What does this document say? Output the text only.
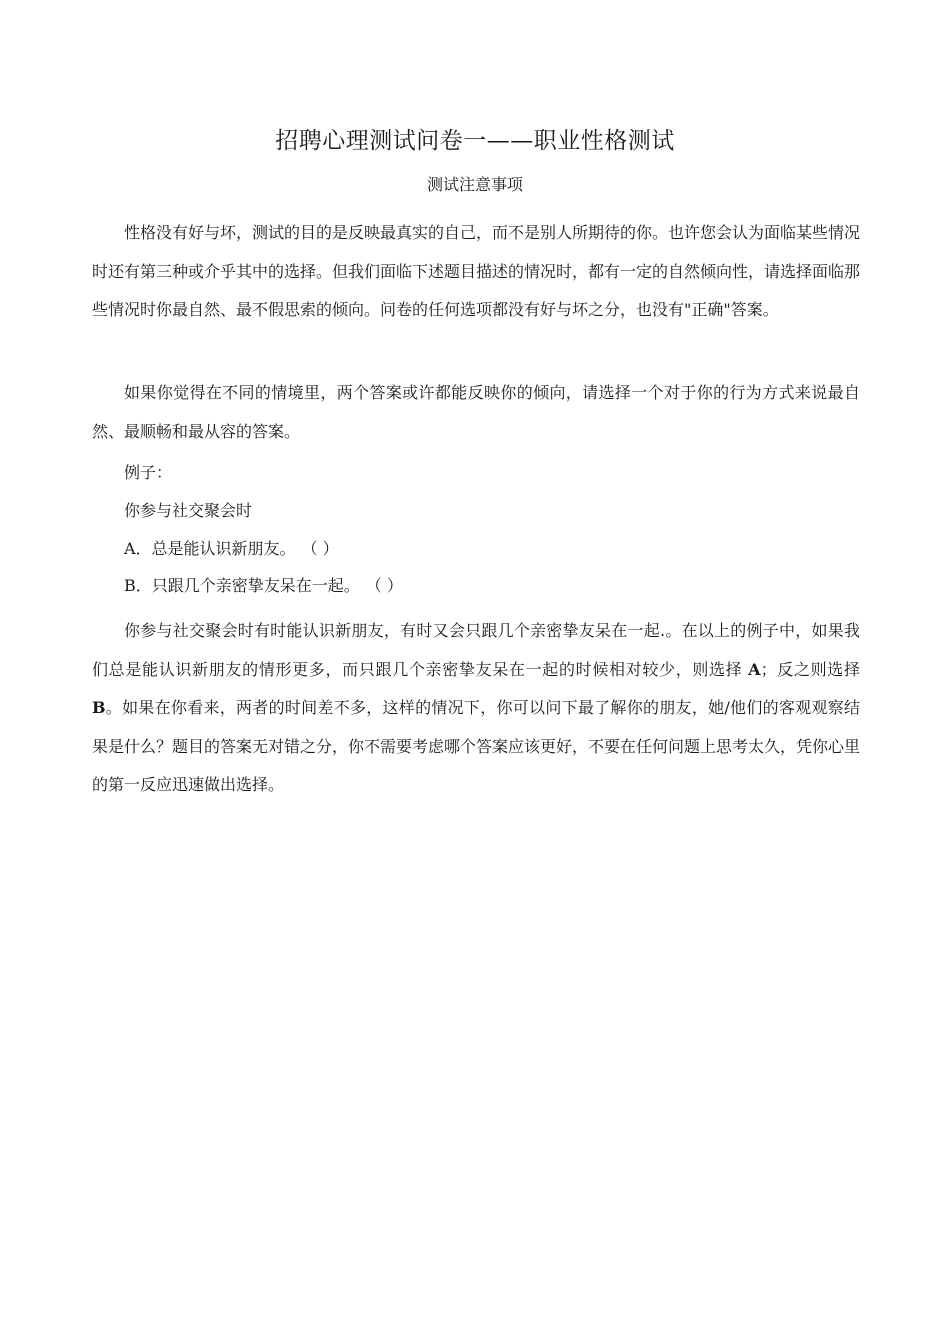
招聘心理测试问卷一——职业性格测试
测试注意事项

性格没有好与坏，测试的目的是反映最真实的自己，而不是别人所期待的你。也许您会认为面临某些情况时还有第三种或介乎其中的选择。但我们面临下述题目描述的情况时，都有一定的自然倾向性，请选择面临那些情况时你最自然、最不假思索的倾向。问卷的任何选项都没有好与坏之分，也没有"正确"答案。

如果你觉得在不同的情境里，两个答案或许都能反映你的倾向，请选择一个对于你的行为方式来说最自然、最顺畅和最从容的答案。

例子：
你参与社交聚会时
A．总是能认识新朋友。 （ ）
B．只跟几个亲密挚友呆在一起。 （ ）

你参与社交聚会时有时能认识新朋友，有时又会只跟几个亲密挚友呆在一起.。在以上的例子中，如果我们总是能认识新朋友的情形更多，而只跟几个亲密挚友呆在一起的时候相对较少，则选择 A；反之则选择 B。如果在你看来，两者的时间差不多，这样的情况下，你可以问下最了解你的朋友，她/他们的客观观察结果是什么？题目的答案无对错之分，你不需要考虑哪个答案应该更好，不要在任何问题上思考太久，凭你心里的第一反应迅速做出选择。
